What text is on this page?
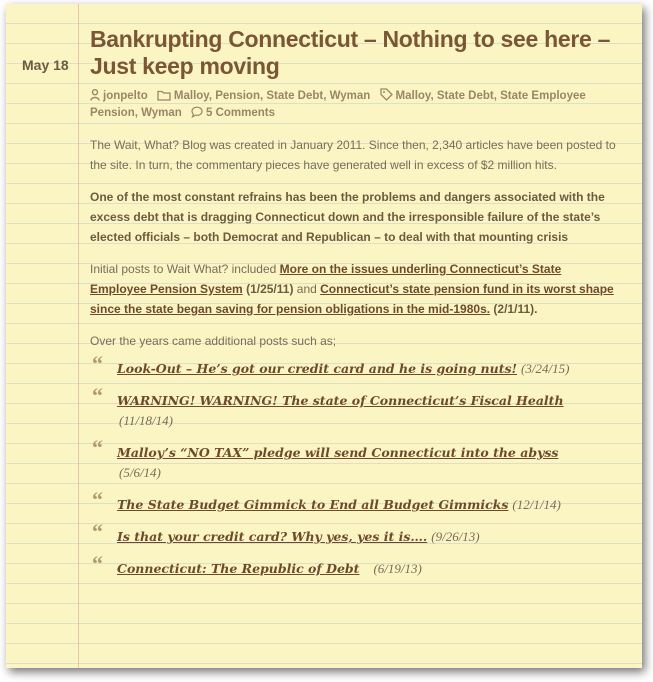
May 18
Bankrupting Connecticut – Nothing to see here – Just keep moving
jonpelto Malloy, Pension, State Debt, Wyman Malloy, State Debt, State Employee Pension, Wyman 5 Comments

The Wait, What? Blog was created in January 2011. Since then, 2,340 articles have been posted to the site. In turn, the commentary pieces have generated well in excess of $2 million hits.

One of the most constant refrains has been the problems and dangers associated with the excess debt that is dragging Connecticut down and the irresponsible failure of the state’s elected officials – both Democrat and Republican – to deal with that mounting crisis

Initial posts to Wait What? included More on the issues underling Connecticut’s State Employee Pension System (1/25/11) and Connecticut’s state pension fund in its worst shape since the state began saving for pension obligations in the mid-1980s. (2/1/11).

Over the years came additional posts such as;

“ Look-Out – He’s got our credit card and he is going nuts! (3/24/15)
“ WARNING! WARNING! The state of Connecticut’s Fiscal Health
(11/18/14)
“ Malloy’s “NO TAX” pledge will send Connecticut into the abyss
(5/6/14)
“ The State Budget Gimmick to End all Budget Gimmicks (12/1/14)
“ Is that your credit card? Why yes, yes it is…. (9/26/13)
“ Connecticut: The Republic of Debt (6/19/13)
